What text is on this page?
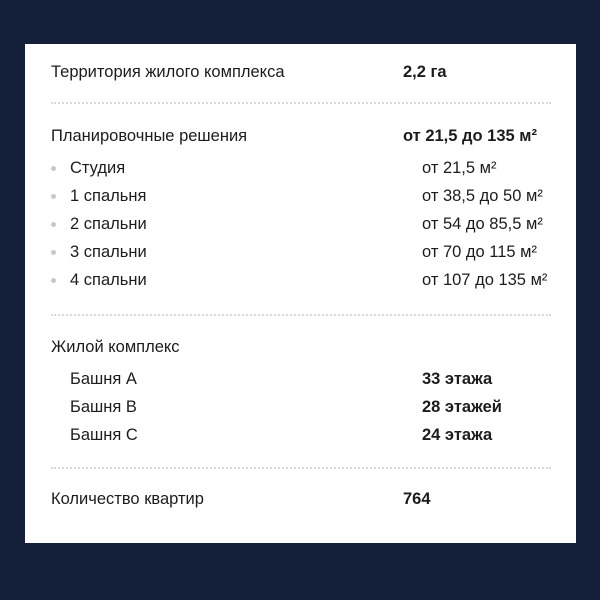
Территория жилого комплекса	2,2 га
Планировочные решения	от 21,5 до 135 м²
Студия	от 21,5 м²
1 спальня	от 38,5 до 50 м²
2 спальни	от 54 до 85,5 м²
3 спальни	от 70 до 115 м²
4 спальни	от 107 до 135 м²
Жилой комплекс
Башня А	33 этажа
Башня B	28 этажей
Башня C	24 этажа
Количество квартир	764
